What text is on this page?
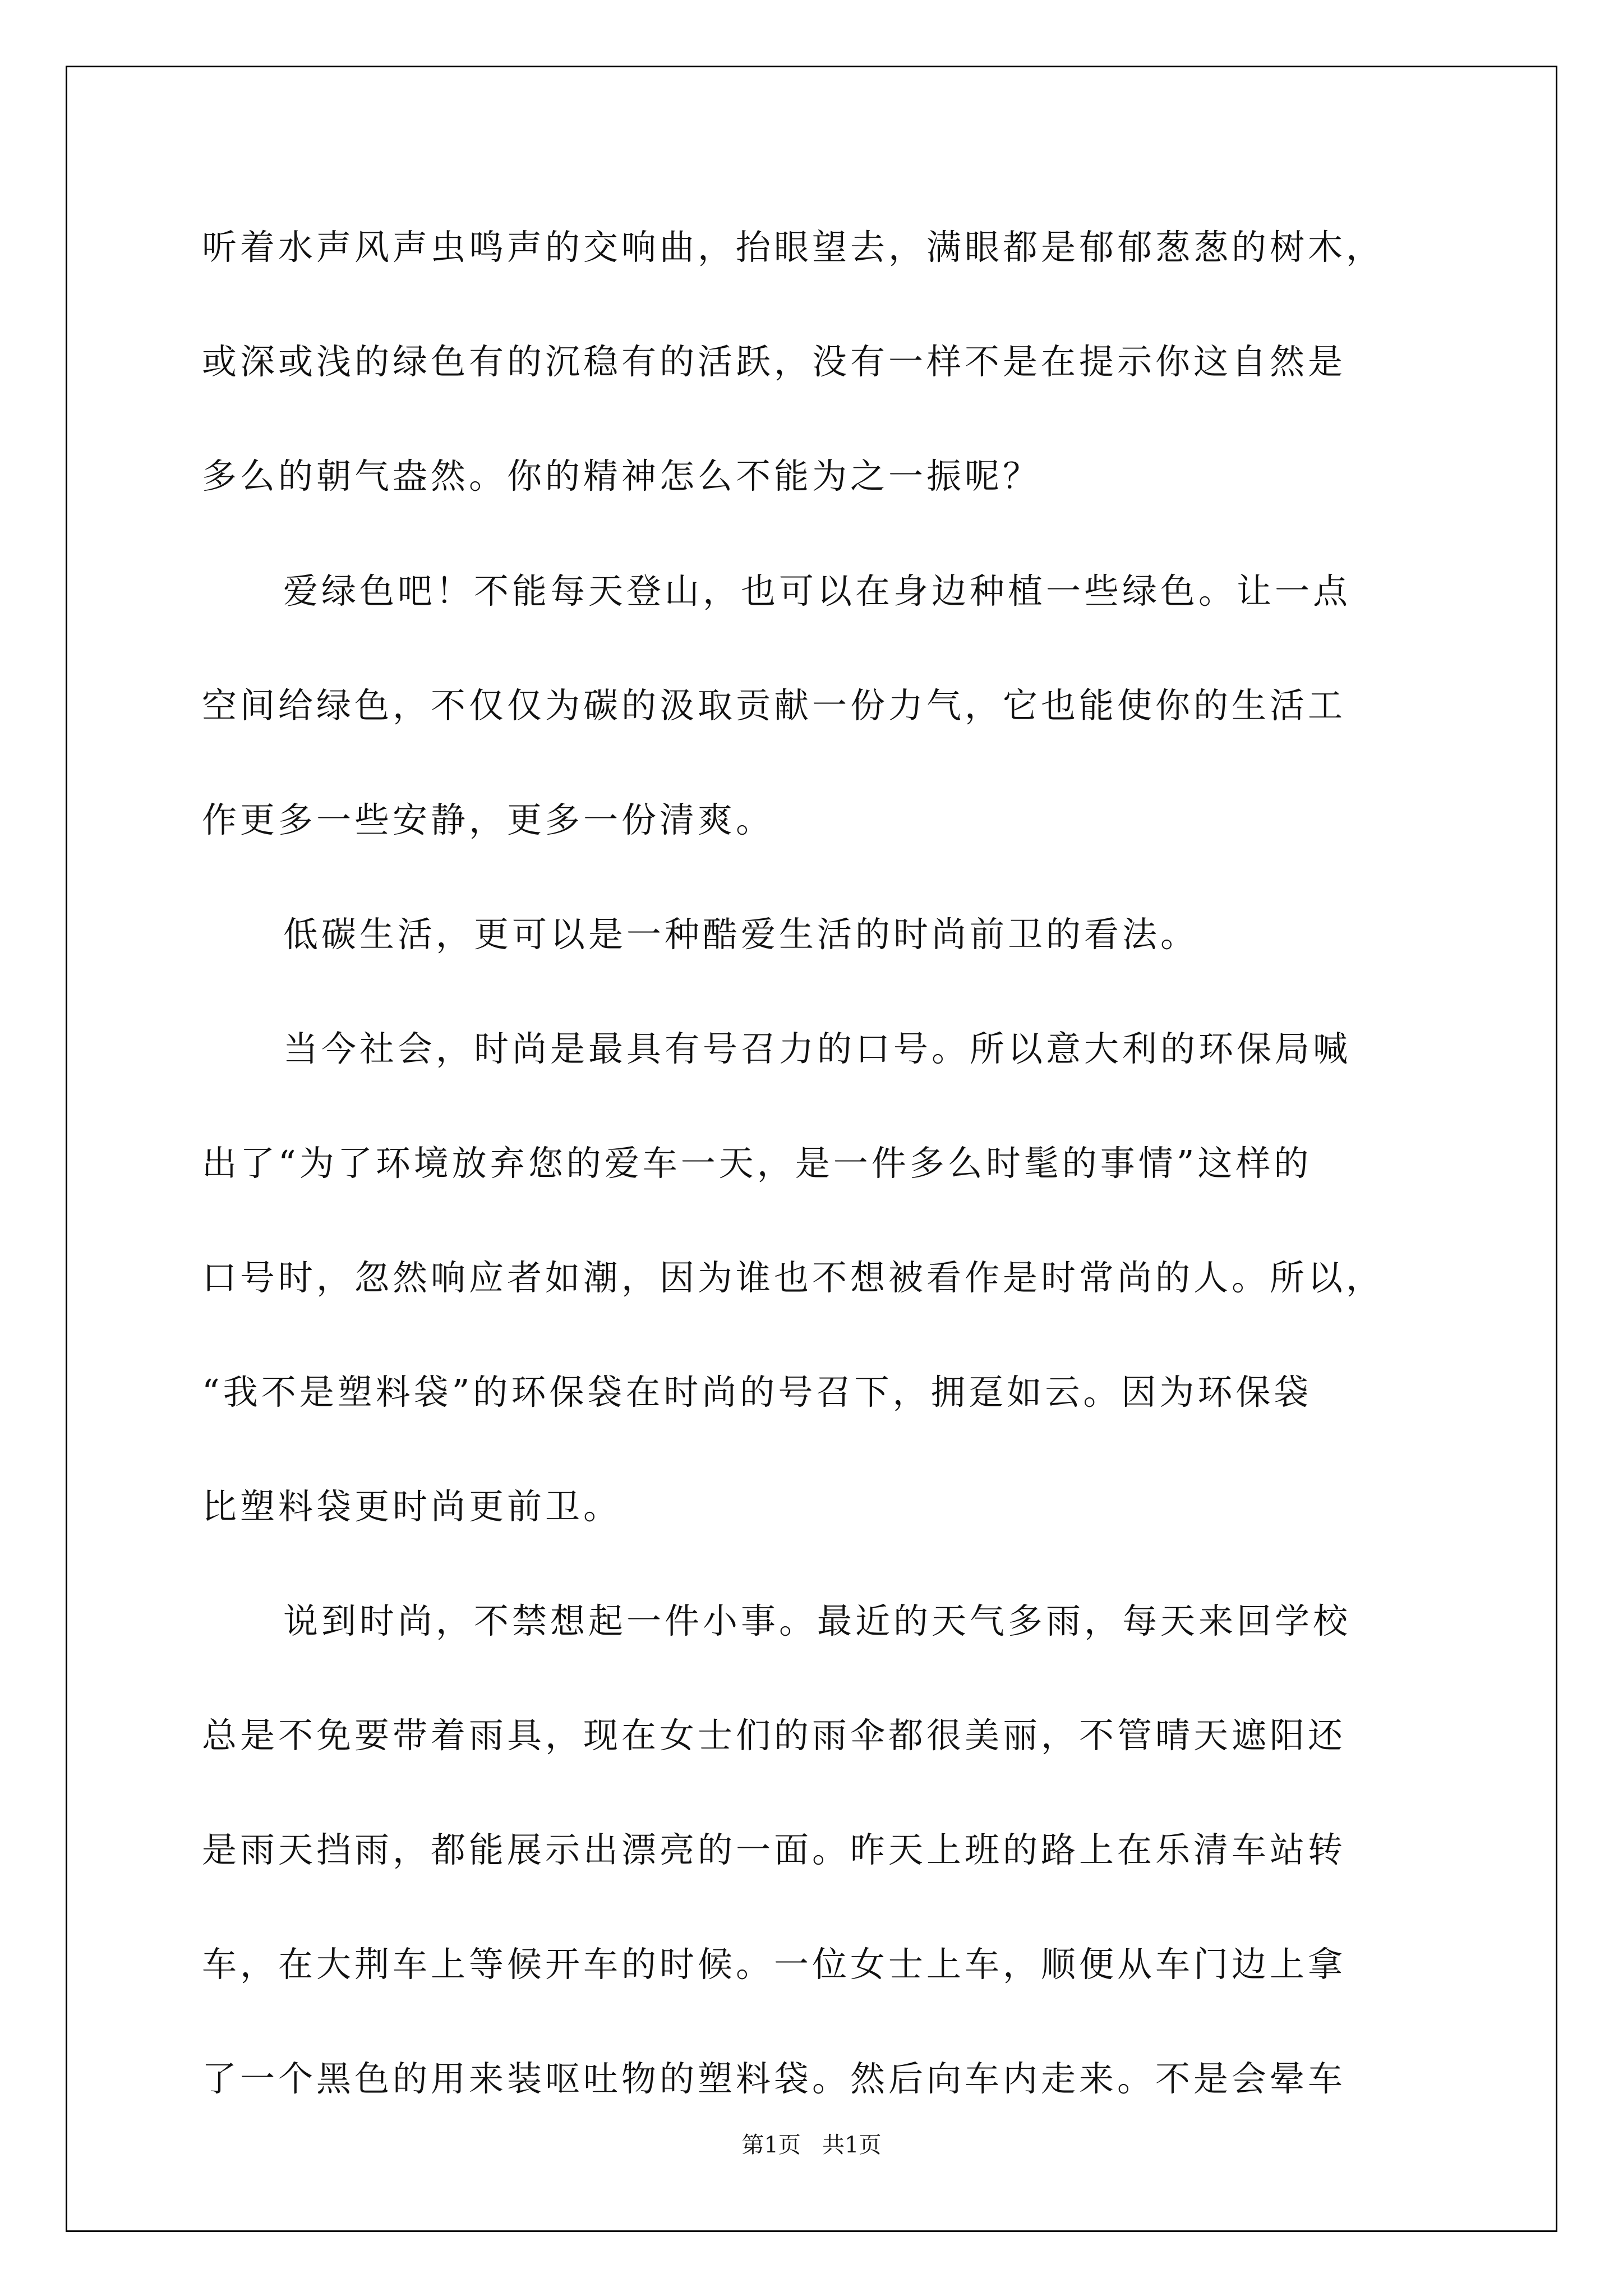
听着水声风声虫鸣声的交响曲，抬眼望去，满眼都是郁郁葱葱的树木，
或深或浅的绿色有的沉稳有的活跃，没有一样不是在提示你这自然是
多么的朝气盎然。你的精神怎么不能为之一振呢？
爱绿色吧！不能每天登山，也可以在身边种植一些绿色。让一点
空间给绿色，不仅仅为碳的汲取贡献一份力气，它也能使你的生活工
作更多一些安静，更多一份清爽。
低碳生活，更可以是一种酷爱生活的时尚前卫的看法。
当今社会，时尚是最具有号召力的口号。所以意大利的环保局喊
出了“为了环境放弃您的爱车一天，是一件多么时髦的事情”这样的
口号时，忽然响应者如潮，因为谁也不想被看作是时常尚的人。所以，
“我不是塑料袋”的环保袋在时尚的号召下，拥趸如云。因为环保袋
比塑料袋更时尚更前卫。
说到时尚，不禁想起一件小事。最近的天气多雨，每天来回学校
总是不免要带着雨具，现在女士们的雨伞都很美丽，不管晴天遮阳还
是雨天挡雨，都能展示出漂亮的一面。昨天上班的路上在乐清车站转
车，在大荆车上等候开车的时候。一位女士上车，顺便从车门边上拿
了一个黑色的用来装呕吐物的塑料袋。然后向车内走来。不是会晕车
第1页   共1页
